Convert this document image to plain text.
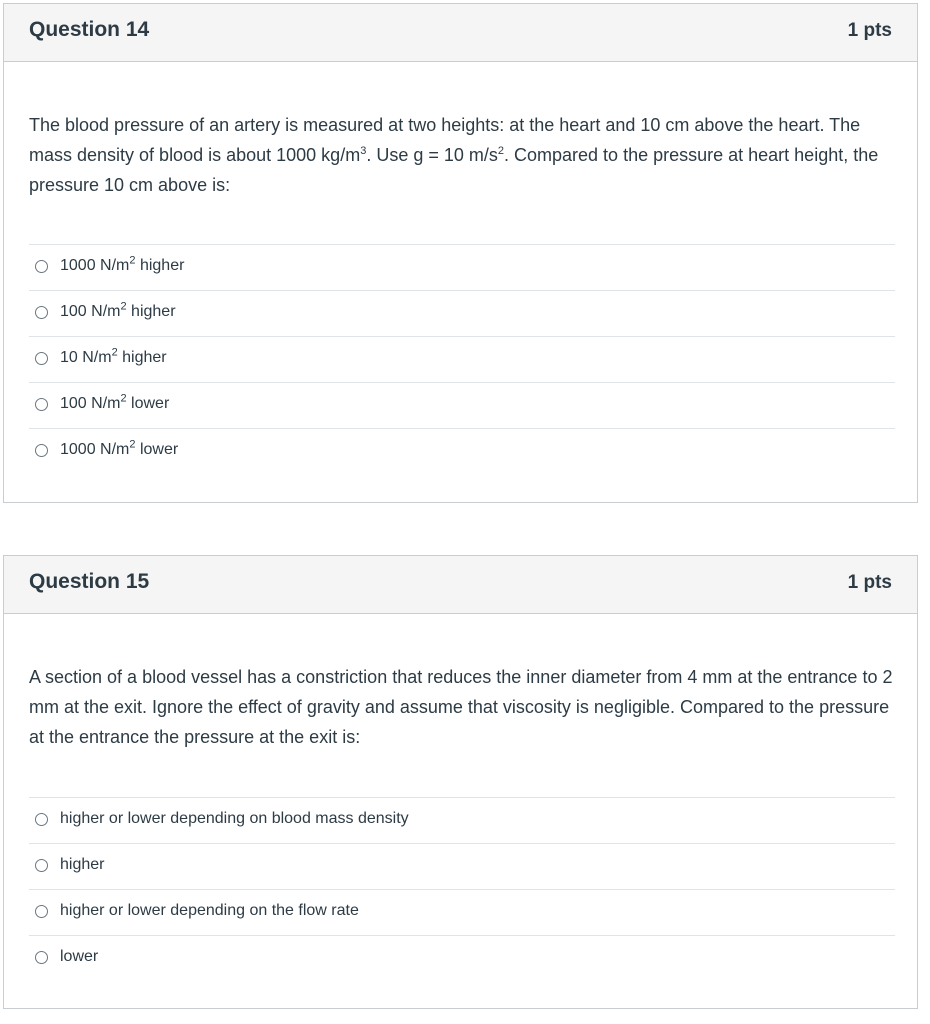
Question 14	1 pts
The blood pressure of an artery is measured at two heights: at the heart and 10 cm above the heart. The mass density of blood is about 1000 $kg/m^3$. Use g = 10 $m/s^2$. Compared to the pressure at heart height, the pressure 10 cm above is:
1000 $N/m^2$ higher
100 $N/m^2$ higher
10 $N/m^2$ higher
100 $N/m^2$ lower
1000 $N/m^2$ lower
Question 15	1 pts
A section of a blood vessel has a constriction that reduces the inner diameter from 4 mm at the entrance to 2 mm at the exit. Ignore the effect of gravity and assume that viscosity is negligible. Compared to the pressure at the entrance the pressure at the exit is:
higher or lower depending on blood mass density
higher
higher or lower depending on the flow rate
lower
